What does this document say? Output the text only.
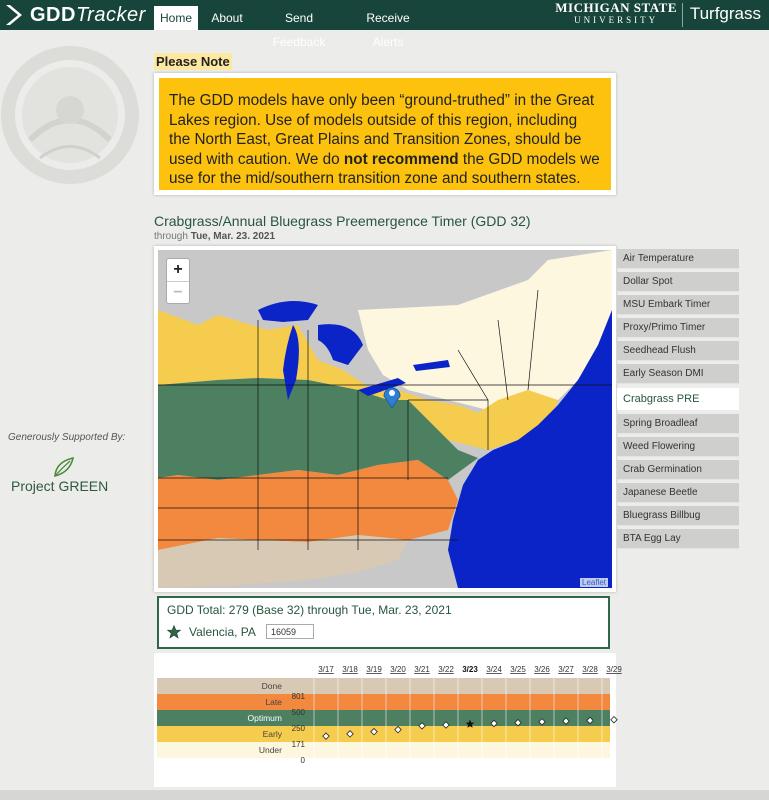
GDDTracker	Home	About	Send Feedback
Receive Alerts
MICHIGAN STATE
UNIVERSITY	Turfgrass
Generously Supported By:
Project GREEN
Please Note
The GDD models have only been “ground-truthed” in the Great Lakes region. Use of models outside of this region, including the North East, Great Plains and Transition Zones, should be used with caution. We do not recommend the GDD models we use for the mid/southern transition zone and southern states.
Crabgrass/Annual Bluegrass Preemergence Timer (GDD 32)
through Tue, Mar. 23. 2021
+
−
Leaflet
Air Temperature
Dollar Spot
MSU Embark Timer
Proxy/Primo Timer
Seedhead Flush
Early Season DMI
Crabgrass PRE
Spring Broadleaf
Weed Flowering
Crab Germination
Japanese Beetle
Bluegrass Billbug
BTA Egg Lay
GDD Total: 279 (Base 32) through Tue, Mar. 23, 2021
Valencia, PA
16059
“Flashback” to 2020
Forecast »
Done
Late
Optimum
Early
Under
3/17 3/18 3/19 3/20 3/21 3/22 3/23 3/24 3/25 3/26 3/27 3/28 3/29
801
500
250
171
0
